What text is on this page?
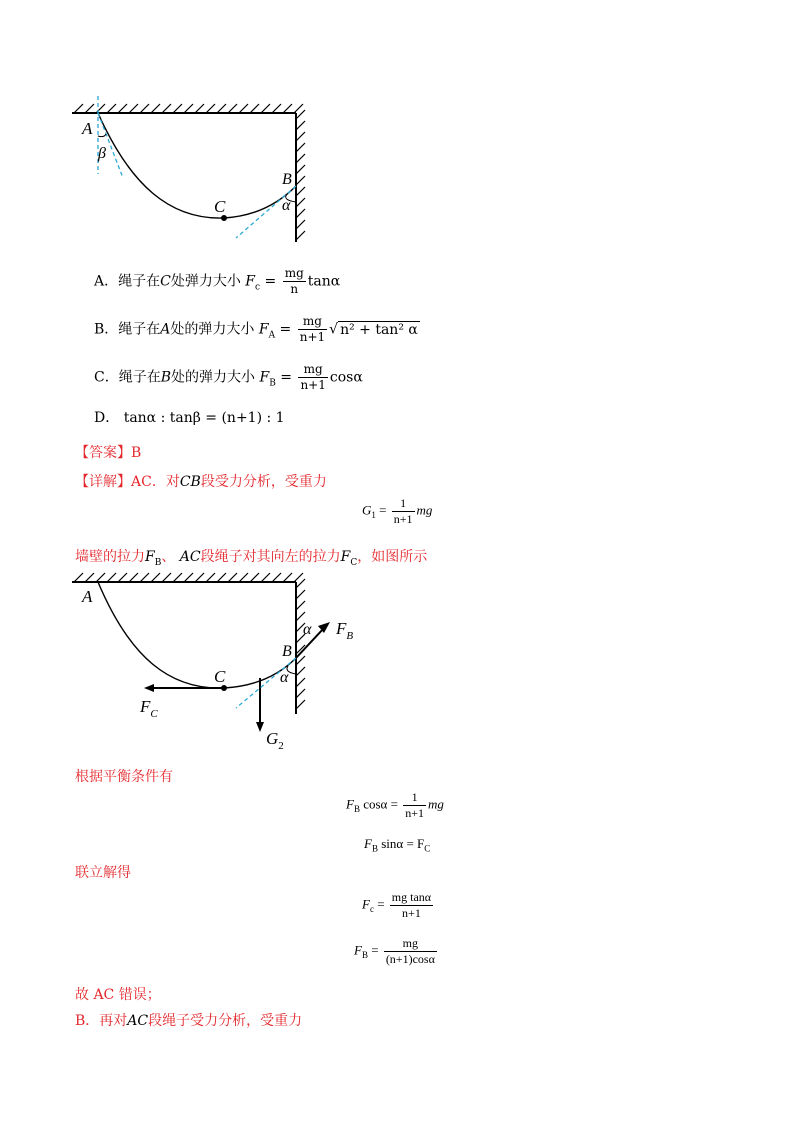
A
β
C
B
α
A．绳子在C处弹力大小 $F_c = \frac{mg}{n}$ tanα
B．绳子在A处的弹力大小 $F_A = \frac{mg}{n+1}$ √ n² + tan² α
C．绳子在B处的弹力大小 $F_B = \frac{mg}{n+1}$ cosα
D． tanα : tanβ = (n+1) : 1
【答案】B
【详解】AC．对CB段受力分析，受重力
$G_1 = \frac{1}{n+1}$ mg
墙壁的拉力$F_B$、 AC段绳子对其向左的拉力$F_C$，如图所示
A
α $F_B$
B
C	α
$F_C$
$G_2$
根据平衡条件有
$F_B$ $\cos\alpha = \frac{1}{n+1}$ mg
$F_B$ $\sin\alpha = F_C$
联立解得
$F_c = \frac{\text{mg tanα}}{n+1}$
$F_B = \frac{mg}{(n+1)\cos\alpha}$
故 AC 错误；
B．再对AC段绳子受力分析，受重力
